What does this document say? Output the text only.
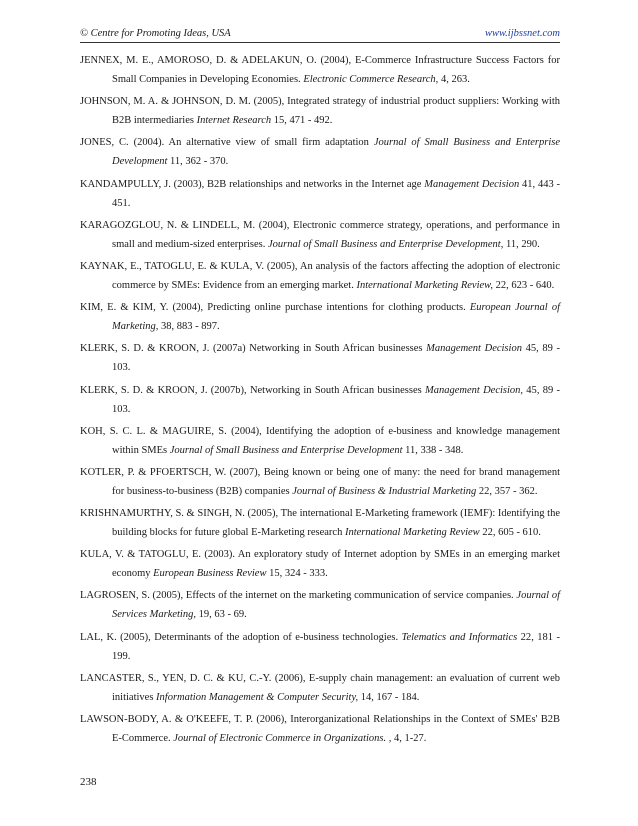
© Centre for Promoting Ideas, USA	www.ijbssnet.com

JENNEX, M. E., AMOROSO, D. & ADELAKUN, O. (2004), E-Commerce Infrastructure Success Factors for Small Companies in Developing Economies. Electronic Commerce Research, 4, 263.

JOHNSON, M. A. & JOHNSON, D. M. (2005), Integrated strategy of industrial product suppliers: Working with B2B intermediaries Internet Research 15, 471 - 492.

JONES, C. (2004). An alternative view of small firm adaptation Journal of Small Business and Enterprise Development 11, 362 - 370.

KANDAMPULLY, J. (2003), B2B relationships and networks in the Internet age Management Decision 41, 443 - 451.

KARAGOZGLOU, N. & LINDELL, M. (2004), Electronic commerce strategy, operations, and performance in small and medium-sized enterprises. Journal of Small Business and Enterprise Development, 11, 290.

KAYNAK, E., TATOGLU, E. & KULA, V. (2005), An analysis of the factors affecting the adoption of electronic commerce by SMEs: Evidence from an emerging market. International Marketing Review, 22, 623 - 640.

KIM, E. & KIM, Y. (2004), Predicting online purchase intentions for clothing products. European Journal of Marketing, 38, 883 - 897.

KLERK, S. D. & KROON, J. (2007a) Networking in South African businesses Management Decision 45, 89 - 103.

KLERK, S. D. & KROON, J. (2007b), Networking in South African businesses Management Decision, 45, 89 - 103.

KOH, S. C. L. & MAGUIRE, S. (2004), Identifying the adoption of e-business and knowledge management within SMEs Journal of Small Business and Enterprise Development 11, 338 - 348.

KOTLER, P. & PFOERTSCH, W. (2007), Being known or being one of many: the need for brand management for business-to-business (B2B) companies Journal of Business & Industrial Marketing 22, 357 - 362.

KRISHNAMURTHY, S. & SINGH, N. (2005), The international E-Marketing framework (IEMF): Identifying the building blocks for future global E-Marketing research International Marketing Review 22, 605 - 610.

KULA, V. & TATOGLU, E. (2003). An exploratory study of Internet adoption by SMEs in an emerging market economy European Business Review 15, 324 - 333.

LAGROSEN, S. (2005), Effects of the internet on the marketing communication of service companies. Journal of Services Marketing, 19, 63 - 69.

LAL, K. (2005), Determinants of the adoption of e-business technologies. Telematics and Informatics 22, 181 - 199.

LANCASTER, S., YEN, D. C. & KU, C.-Y. (2006), E-supply chain management: an evaluation of current web initiatives Information Management & Computer Security, 14, 167 - 184.

LAWSON-BODY, A. & O'KEEFE, T. P. (2006), Interorganizational Relationships in the Context of SMEs' B2B E-Commerce. Journal of Electronic Commerce in Organizations. , 4, 1-27.

238
